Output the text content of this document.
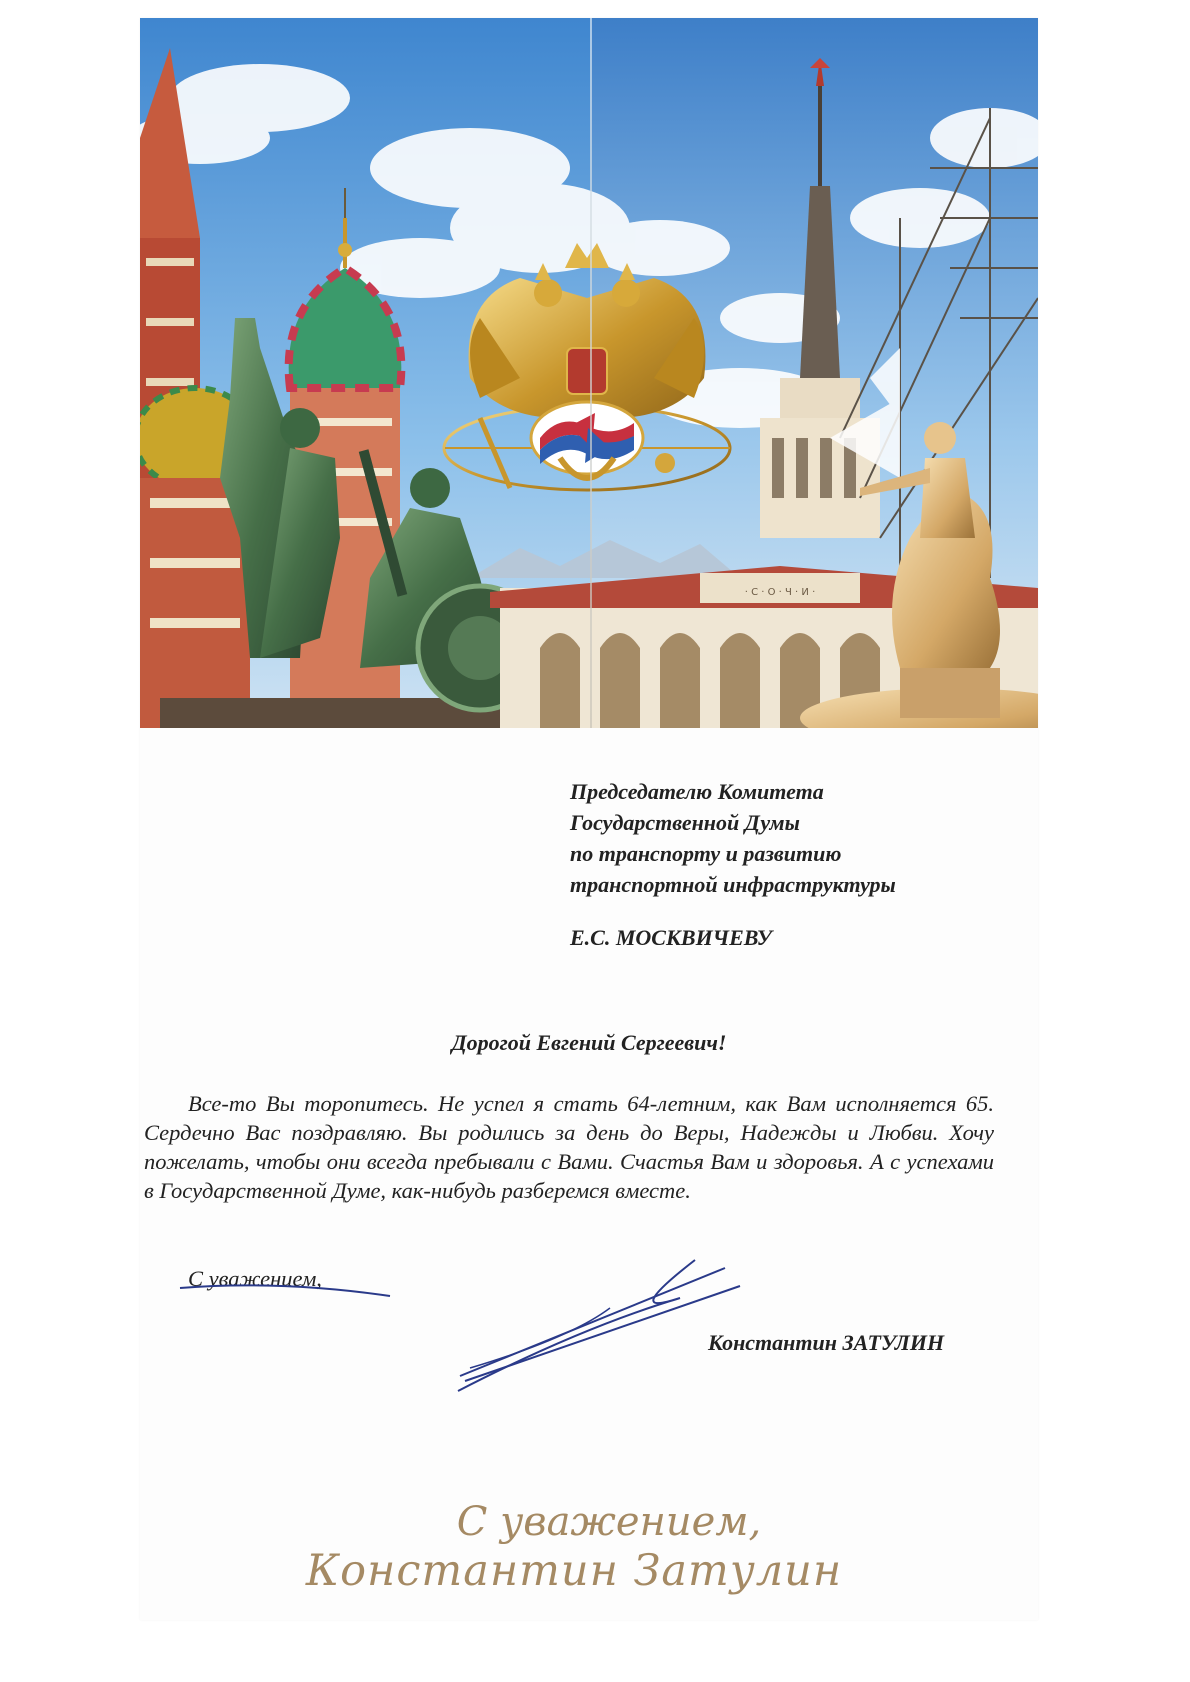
· С · О · Ч · И ·
Председателю Комитета
Государственной Думы
по транспорту и развитию
транспортной инфраструктуры
Е.С. МОСКВИЧЕВУ
Дорогой Евгений Сергеевич!
Все-то Вы торопитесь. Не успел я стать 64-летним, как Вам исполняется 65. Сердечно Вас поздравляю. Вы родились за день до Веры, Надежды и Любви. Хочу пожелать, чтобы они всегда пребывали с Вами. Счастья Вам и здоровья. А с успехами в Государственной Думе, как-нибудь разберемся вместе.
С уважением,
Константин ЗАТУЛИН
С уважением,
Константин Затулин
